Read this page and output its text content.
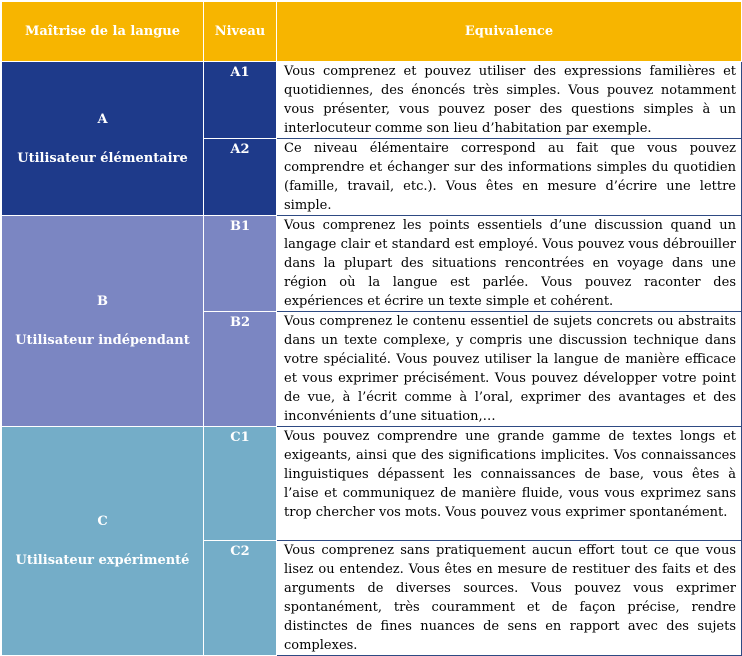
Maîtrise de la langue	Niveau	Equivalence

A
Utilisateur élémentaire	A1	Vous comprenez et pouvez utiliser des expressions familières et quotidiennes, des énoncés très simples. Vous pouvez notamment vous présenter, vous pouvez poser des questions simples à un interlocuteur comme son lieu d’habitation par exemple.
	A2	Ce niveau élémentaire correspond au fait que vous pouvez comprendre et échanger sur des informations simples du quotidien (famille, travail, etc.). Vous êtes en mesure d’écrire une lettre simple.

B
Utilisateur indépendant	B1	Vous comprenez les points essentiels d’une discussion quand un langage clair et standard est employé. Vous pouvez vous débrouiller dans la plupart des situations rencontrées en voyage dans une région où la langue est parlée. Vous pouvez raconter des expériences et écrire un texte simple et cohérent.
	B2	Vous comprenez le contenu essentiel de sujets concrets ou abstraits dans un texte complexe, y compris une discussion technique dans votre spécialité. Vous pouvez utiliser la langue de manière efficace et vous exprimer précisément. Vous pouvez développer votre point de vue, à l’écrit comme à l’oral, exprimer des avantages et des inconvénients d’une situation,…

C
Utilisateur expérimenté	C1	Vous pouvez comprendre une grande gamme de textes longs et exigeants, ainsi que des significations implicites. Vos connaissances linguistiques dépassent les connaissances de base, vous êtes à l’aise et communiquez de manière fluide, vous vous exprimez sans trop chercher vos mots. Vous pouvez vous exprimer spontanément.
	C2	Vous comprenez sans pratiquement aucun effort tout ce que vous lisez ou entendez. Vous êtes en mesure de restituer des faits et des arguments de diverses sources. Vous pouvez vous exprimer spontanément, très couramment et de façon précise, rendre distinctes de fines nuances de sens en rapport avec des sujets complexes.
